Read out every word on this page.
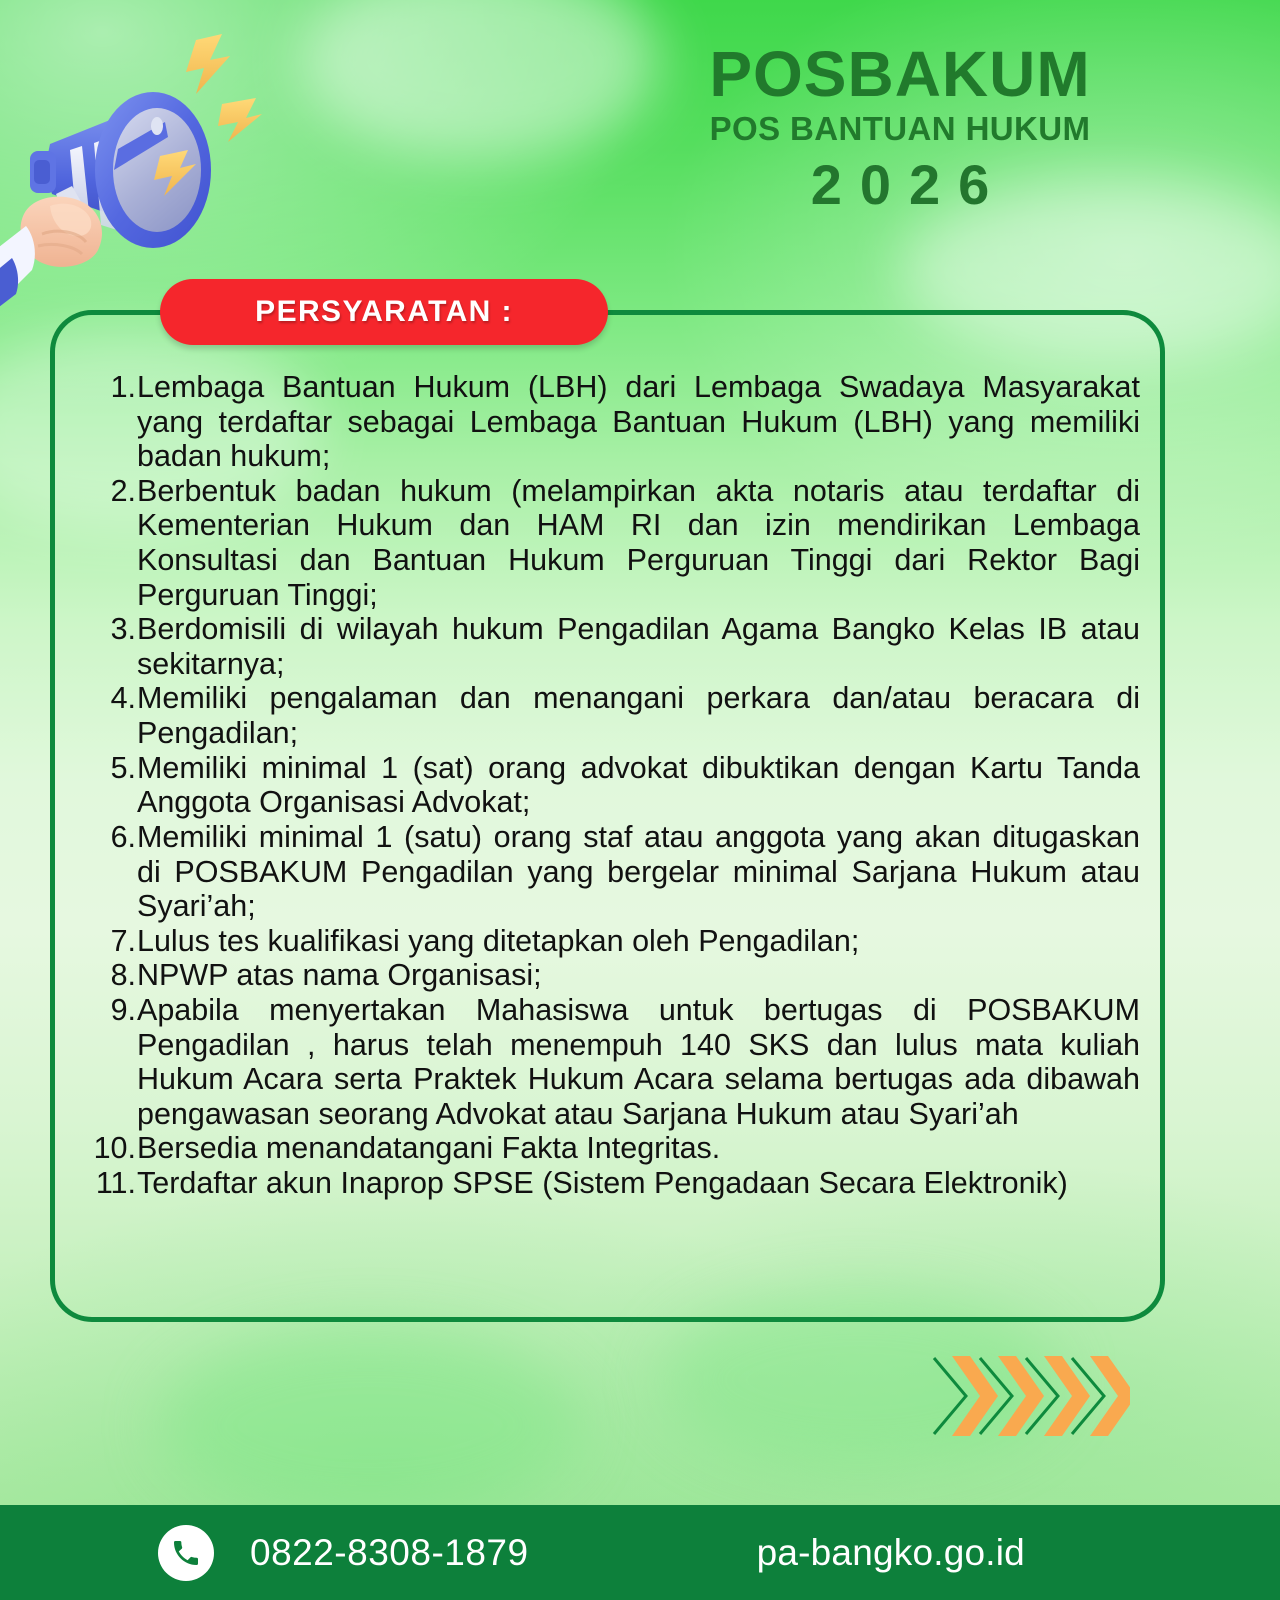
POSBAKUM
POS BANTUAN HUKUM
2026
PERSYARATAN :
1. Lembaga Bantuan Hukum (LBH) dari Lembaga Swadaya Masyarakat yang terdaftar sebagai Lembaga Bantuan Hukum (LBH) yang memiliki badan hukum;
2. Berbentuk badan hukum (melampirkan akta notaris atau terdaftar di Kementerian Hukum dan HAM RI dan izin mendirikan Lembaga Konsultasi dan Bantuan Hukum Perguruan Tinggi dari Rektor Bagi Perguruan Tinggi;
3. Berdomisili di wilayah hukum Pengadilan Agama Bangko Kelas IB atau sekitarnya;
4. Memiliki pengalaman dan menangani perkara dan/atau beracara di Pengadilan;
5. Memiliki minimal 1 (sat) orang advokat dibuktikan dengan Kartu Tanda Anggota Organisasi Advokat;
6. Memiliki minimal 1 (satu) orang staf atau anggota yang akan ditugaskan di POSBAKUM Pengadilan yang bergelar minimal Sarjana Hukum atau Syari’ah;
7. Lulus tes kualifikasi yang ditetapkan oleh Pengadilan;
8. NPWP atas nama Organisasi;
9. Apabila menyertakan Mahasiswa untuk bertugas di POSBAKUM Pengadilan , harus telah menempuh 140 SKS dan lulus mata kuliah Hukum Acara serta Praktek Hukum Acara selama bertugas ada dibawah pengawasan seorang Advokat atau Sarjana Hukum atau Syari’ah
10. Bersedia menandatangani Fakta Integritas.
11. Terdaftar akun Inaprop SPSE (Sistem Pengadaan Secara Elektronik)
0822-8308-1879	pa-bangko.go.id
